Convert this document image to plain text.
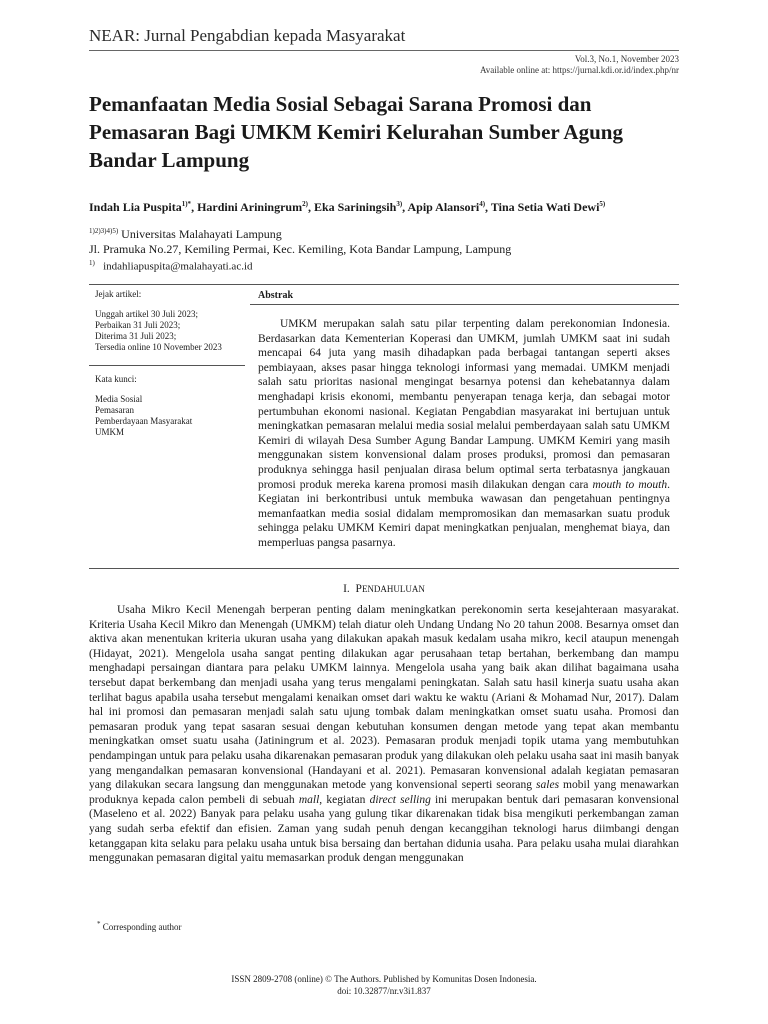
NEAR: Jurnal Pengabdian kepada Masyarakat
Vol.3, No.1, November 2023
Available online at: https://jurnal.kdi.or.id/index.php/nr
Pemanfaatan Media Sosial Sebagai Sarana Promosi dan Pemasaran Bagi UMKM Kemiri Kelurahan Sumber Agung Bandar Lampung
Indah Lia Puspita$^{1)*}$, Hardini Ariningrum$^{2)}$, Eka Sariningsih$^{3)}$, Apip Alansori$^{4)}$, Tina Setia Wati Dewi$^{5)}$
$^{1)2)3)4)5)}$ Universitas Malahayati Lampung
Jl. Pramuka No.27, Kemiling Permai, Kec. Kemiling, Kota Bandar Lampung, Lampung
$^{1)}$ indahliapuspita@malahayati.ac.id
Jejak artikel:
Unggah artikel 30 Juli 2023;
Perbaikan 31 Juli 2023;
Diterima 31 Juli 2023;
Tersedia online 10 November 2023
Kata kunci:
Media Sosial
Pemasaran
Pemberdayaan Masyarakat
UMKM
Abstrak

UMKM merupakan salah satu pilar terpenting dalam perekonomian Indonesia. Berdasarkan data Kementerian Koperasi dan UMKM, jumlah UMKM saat ini sudah mencapai 64 juta yang masih dihadapkan pada berbagai tantangan seperti akses pembiayaan, akses pasar hingga teknologi informasi yang memadai. UMKM menjadi salah satu prioritas nasional mengingat besarnya potensi dan kehebatannya dalam menghadapi krisis ekonomi, membantu penyerapan tenaga kerja, dan sebagai motor pertumbuhan ekonomi nasional. Kegiatan Pengabdian masyarakat ini bertujuan untuk meningkatkan pemasaran melalui media sosial melalui pemberdayaan salah satu UMKM Kemiri di wilayah Desa Sumber Agung Bandar Lampung. UMKM Kemiri yang masih menggunakan sistem konvensional dalam proses produksi, promosi dan pemasaran produknya sehingga hasil penjualan dirasa belum optimal serta terbatasnya jangkauan promosi produk mereka karena promosi masih dilakukan dengan cara mouth to mouth. Kegiatan ini berkontribusi untuk membuka wawasan dan pengetahuan pentingnya memanfaatkan media sosial didalam mempromosikan dan memasarkan suatu produk sehingga pelaku UMKM Kemiri dapat meningkatkan penjualan, menghemat biaya, dan memperluas pangsa pasarnya.

I. PENDAHULUAN

Usaha Mikro Kecil Menengah berperan penting dalam meningkatkan perekonomin serta kesejahteraan masyarakat. Kriteria Usaha Kecil Mikro dan Menengah (UMKM) telah diatur oleh Undang Undang No 20 tahun 2008. Besarnya omset dan aktiva akan menentukan kriteria ukuran usaha yang dilakukan apakah masuk kedalam usaha mikro, kecil ataupun menengah (Hidayat, 2021). Mengelola usaha sangat penting dilakukan agar perusahaan tetap bertahan, berkembang dan mampu menghadapi persaingan diantara para pelaku UMKM lainnya. Mengelola usaha yang baik akan dilihat bagaimana usaha tersebut dapat berkembang dan menjadi usaha yang terus mengalami peningkatan. Salah satu hasil kinerja suatu usaha akan terlihat bagus apabila usaha tersebut mengalami kenaikan omset dari waktu ke waktu (Ariani & Mohamad Nur, 2017). Dalam hal ini promosi dan pemasaran menjadi salah satu ujung tombak dalam meningkatkan omset suatu usaha. Promosi dan pemasaran produk yang tepat sasaran sesuai dengan kebutuhan konsumen dengan metode yang tepat akan membantu meningkatkan omset suatu usaha (Jatiningrum et al. 2023). Pemasaran produk menjadi topik utama yang membutuhkan pendampingan untuk para pelaku usaha dikarenakan pemasaran produk yang dilakukan oleh pelaku usaha saat ini masih banyak yang mengandalkan pemasaran konvensional (Handayani et al. 2021). Pemasaran konvensional adalah kegiatan pemasaran yang dilakukan secara langsung dan menggunakan metode yang konvensional seperti seorang sales mobil yang menawarkan produknya kepada calon pembeli di sebuah mall, kegiatan direct selling ini merupakan bentuk dari pemasaran konvensional (Maseleno et al. 2022) Banyak para pelaku usaha yang gulung tikar dikarenakan tidak bisa mengikuti perkembangan zaman yang sudah serba efektif dan efisien. Zaman yang sudah penuh dengan kecanggihan teknologi harus diimbangi dengan ketanggapan kita selaku para pelaku usaha untuk bisa bersaing dan bertahan didunia usaha. Para pelaku usaha mulai diarahkan menggunakan pemasaran digital yaitu memasarkan produk dengan menggunakan

* Corresponding author
ISSN 2809-2708 (online) © The Authors. Published by Komunitas Dosen Indonesia.
doi: 10.32877/nr.v3i1.837
